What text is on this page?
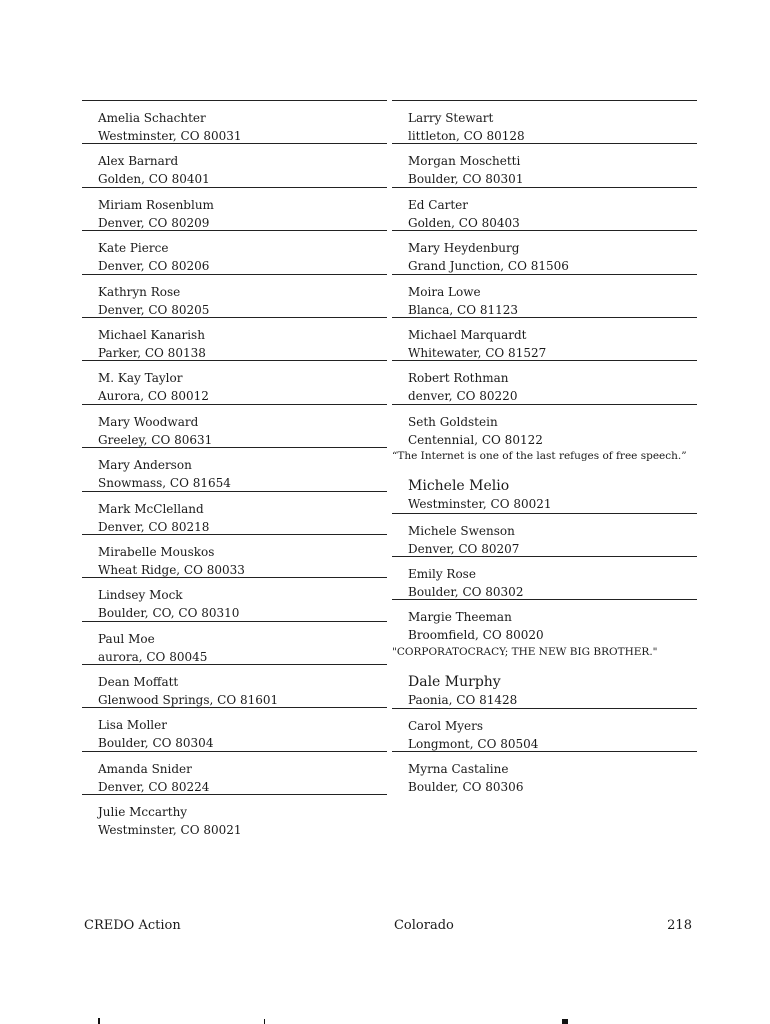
Amelia Schachter
Westminster, CO 80031
Alex Barnard
Golden, CO 80401
Miriam Rosenblum
Denver, CO 80209
Kate Pierce
Denver, CO 80206
Kathryn Rose
Denver, CO 80205
Michael Kanarish
Parker, CO 80138
M. Kay Taylor
Aurora, CO 80012
Mary Woodward
Greeley, CO 80631
Mary Anderson
Snowmass, CO 81654
Mark McClelland
Denver, CO 80218
Mirabelle Mouskos
Wheat Ridge, CO 80033
Lindsey Mock
Boulder, CO, CO 80310
Paul Moe
aurora, CO 80045
Dean Moffatt
Glenwood Springs, CO 81601
Lisa Moller
Boulder, CO 80304
Amanda Snider
Denver, CO 80224
Julie Mccarthy
Westminster, CO 80021
Larry Stewart
littleton, CO 80128
Morgan Moschetti
Boulder, CO 80301
Ed Carter
Golden, CO 80403
Mary Heydenburg
Grand Junction, CO 81506
Moira Lowe
Blanca, CO 81123
Michael Marquardt
Whitewater, CO 81527
Robert Rothman
denver, CO 80220
Seth Goldstein
Centennial, CO 80122
“The Internet is one of the last refuges of free speech.”
Michele Melio
Westminster, CO 80021
Michele Swenson
Denver, CO 80207
Emily Rose
Boulder, CO 80302
Margie Theeman
Broomfield, CO 80020
"CORPORATOCRACY; THE NEW BIG BROTHER."
Dale Murphy
Paonia, CO 81428
Carol Myers
Longmont, CO 80504
Myrna Castaline
Boulder, CO 80306
CREDO Action	Colorado	218
